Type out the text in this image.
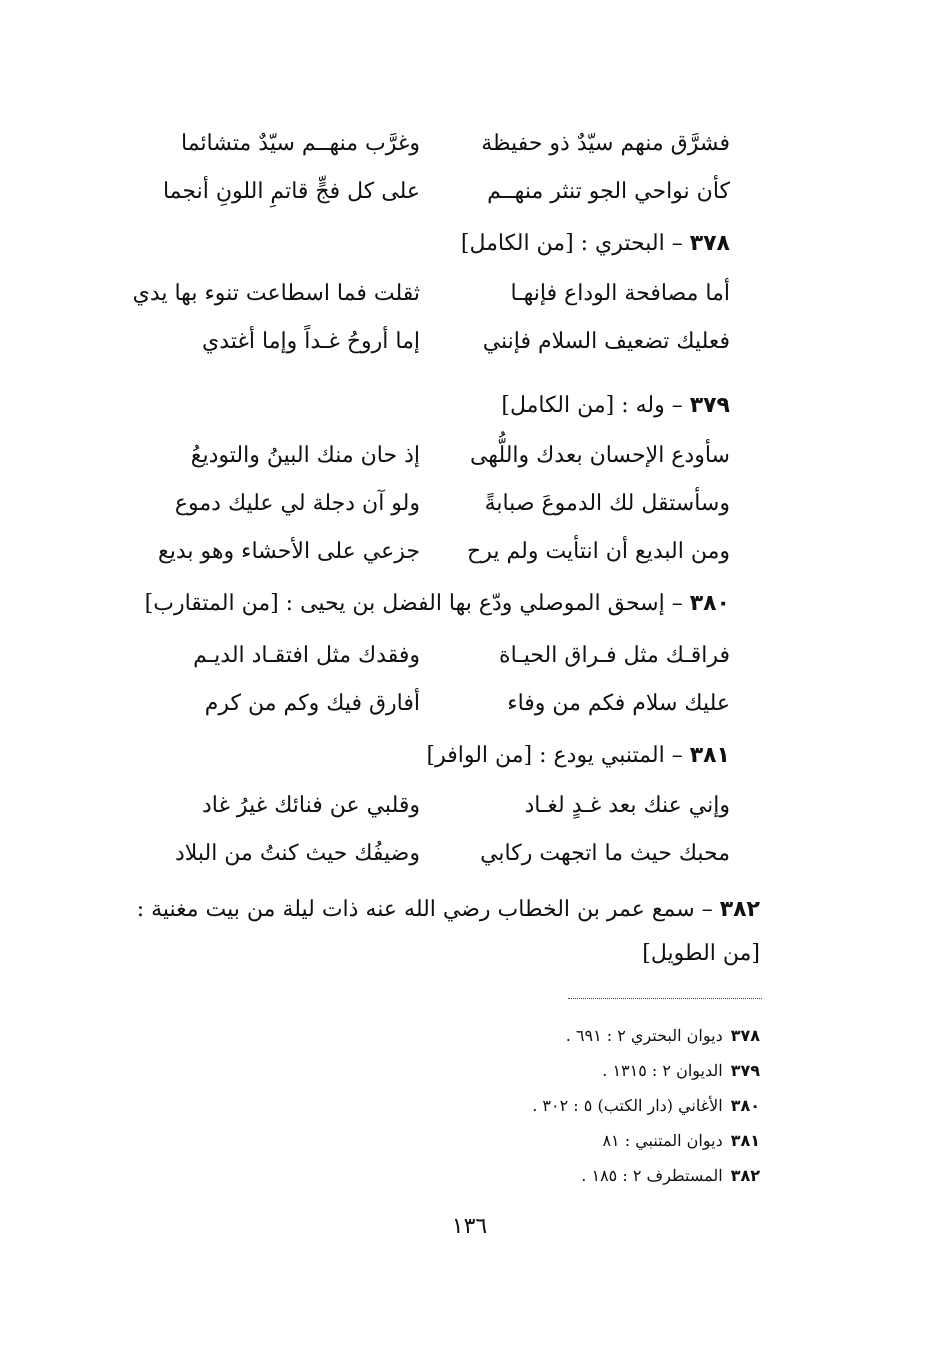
فشرَّق منهم سيّدٌ ذو حفيظة
وغرَّب منهــم سيّدٌ متشائما
كأن نواحي الجو تنثر منهــم
على كل فجٍّ قاتمِ اللونِ أنجما
٣٧٨ – البحتري : [من الكامل]
أما مصافحة الوداع فإنهـا
ثقلت فما اسطاعت تنوء بها يدي
فعليك تضعيف السلام فإنني
إما أروحُ غـداً وإما أغتدي
٣٧٩ – وله : [من الكامل]
سأودع الإحسان بعدك واللُّهى
إذ حان منك البينُ والتوديعُ
وسأستقل لك الدموعَ صبابةً
ولو آن دجلة لي عليك دموع
ومن البديع أن انتأيت ولم يرح
جزعي على الأحشاء وهو بديع
٣٨٠ – إسحق الموصلي ودّع بها الفضل بن يحيى : [من المتقارب]
فراقـك مثل فـراق الحيـاة
وفقدك مثل افتقـاد الديـم
عليك سلام فكم من وفاء
أفارق فيك وكم من كرم
٣٨١ – المتنبي يودع : [من الوافر]
وإني عنك بعد غـدٍ لغـاد
وقلبي عن فنائك غيرُ غاد
محبك حيث ما اتجهت ركابي
وضيفُك حيث كنتُ من البلاد
٣٨٢ – سمع عمر بن الخطاب رضي الله عنه ذات ليلة من بيت مغنية : [من الطويل]
٣٧٨ديوان البحتري ٢ : ٦٩١ .
٣٧٩الديوان ٢ : ١٣١٥ .
٣٨٠الأغاني (دار الكتب) ٥ : ٣٠٢ .
٣٨١ديوان المتنبي : ٨١
٣٨٢المستطرف ٢ : ١٨٥ .
١٣٦
